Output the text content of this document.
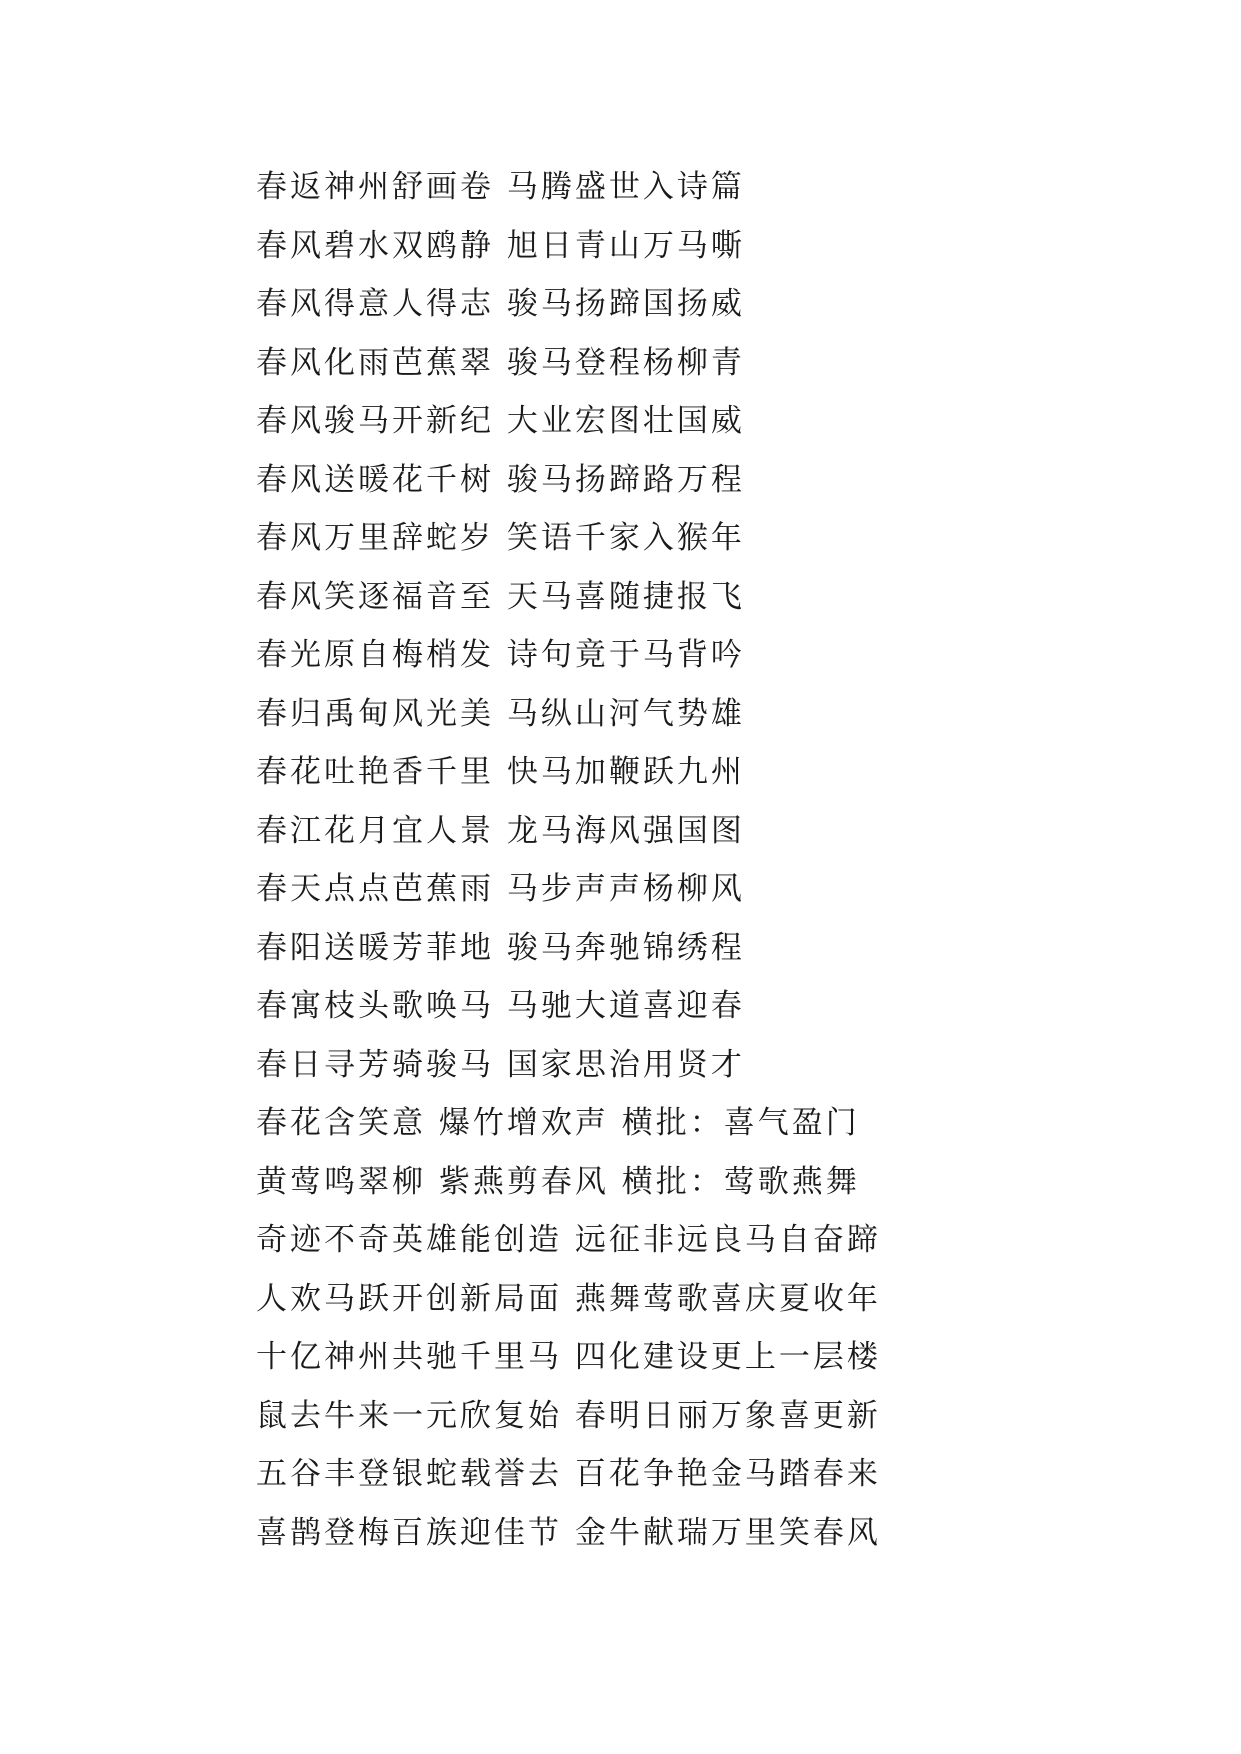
春返神州舒画卷 马腾盛世入诗篇
春风碧水双鸥静 旭日青山万马嘶
春风得意人得志 骏马扬蹄国扬威
春风化雨芭蕉翠 骏马登程杨柳青
春风骏马开新纪 大业宏图壮国威
春风送暖花千树 骏马扬蹄路万程
春风万里辞蛇岁 笑语千家入猴年
春风笑逐福音至 天马喜随捷报飞
春光原自梅梢发 诗句竟于马背吟
春归禹甸风光美 马纵山河气势雄
春花吐艳香千里 快马加鞭跃九州
春江花月宜人景 龙马海风强国图
春天点点芭蕉雨 马步声声杨柳风
春阳送暖芳菲地 骏马奔驰锦绣程
春寓枝头歌唤马 马驰大道喜迎春
春日寻芳骑骏马 国家思治用贤才
春花含笑意 爆竹增欢声 横批：喜气盈门
黄莺鸣翠柳 紫燕剪春风 横批：莺歌燕舞
奇迹不奇英雄能创造 远征非远良马自奋蹄
人欢马跃开创新局面 燕舞莺歌喜庆夏收年
十亿神州共驰千里马 四化建设更上一层楼
鼠去牛来一元欣复始 春明日丽万象喜更新
五谷丰登银蛇载誉去 百花争艳金马踏春来
喜鹊登梅百族迎佳节 金牛献瑞万里笑春风
